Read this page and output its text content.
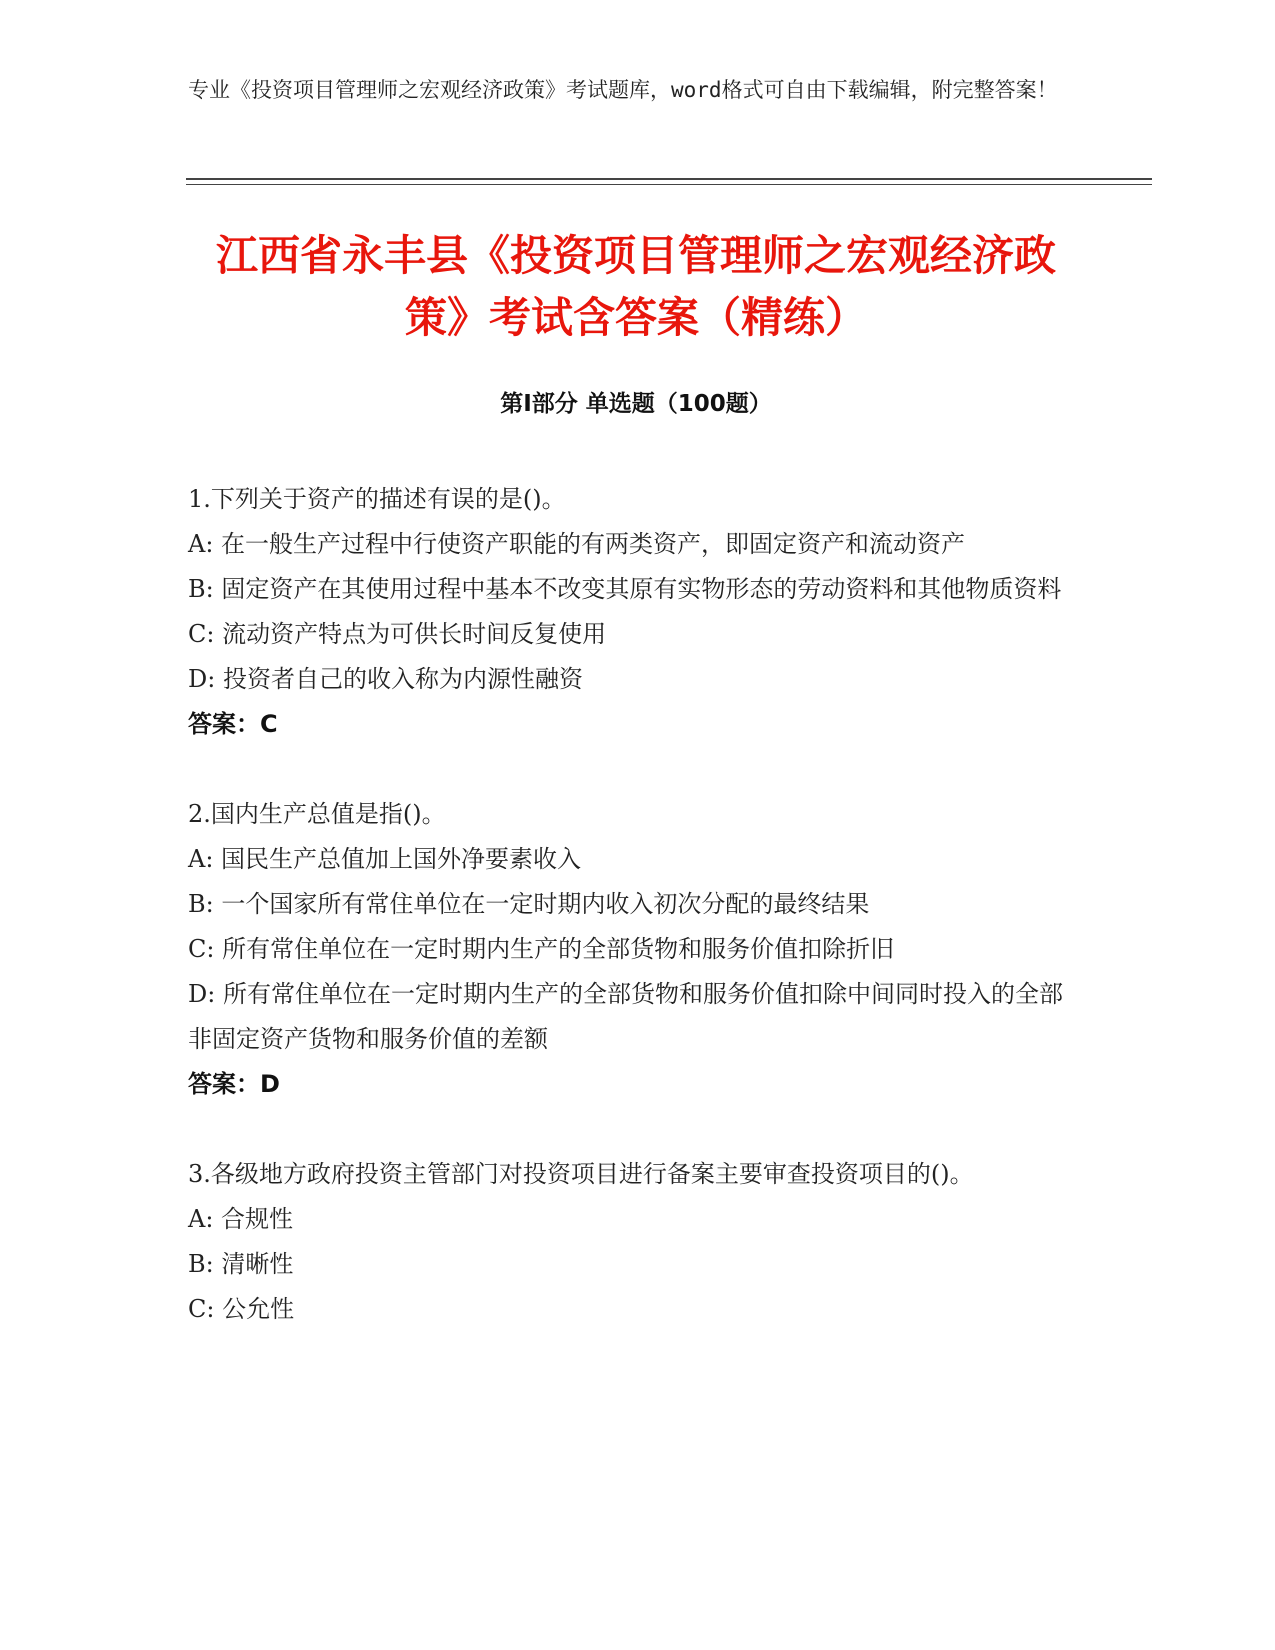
专业《投资项目管理师之宏观经济政策》考试题库，word格式可自由下载编辑，附完整答案！
江西省永丰县《投资项目管理师之宏观经济政策》考试含答案（精练）
第I部分 单选题（100题）

1.下列关于资产的描述有误的是()。

A: 在一般生产过程中行使资产职能的有两类资产，即固定资产和流动资产

B: 固定资产在其使用过程中基本不改变其原有实物形态的劳动资料和其他物质资料

C: 流动资产特点为可供长时间反复使用

D: 投资者自己的收入称为内源性融资

答案：C

2.国内生产总值是指()。

A: 国民生产总值加上国外净要素收入

B: 一个国家所有常住单位在一定时期内收入初次分配的最终结果

C: 所有常住单位在一定时期内生产的全部货物和服务价值扣除折旧

D: 所有常住单位在一定时期内生产的全部货物和服务价值扣除中间同时投入的全部非固定资产货物和服务价值的差额

答案：D

3.各级地方政府投资主管部门对投资项目进行备案主要审查投资项目的()。

A: 合规性

B: 清晰性

C: 公允性
